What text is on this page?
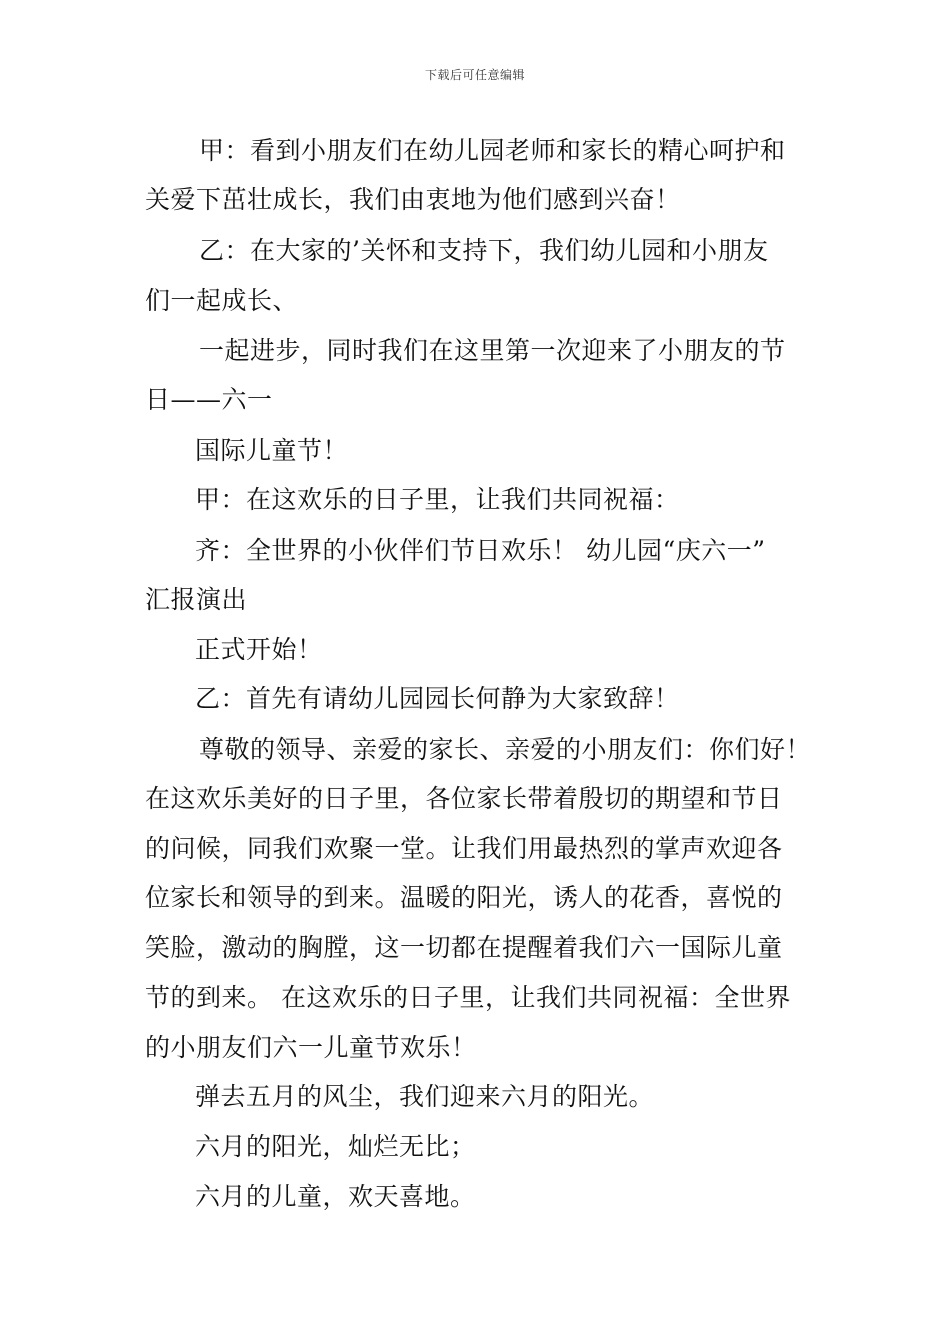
下载后可任意编辑
甲：看到小朋友们在幼儿园老师和家长的精心呵护和
关爱下茁壮成长，我们由衷地为他们感到兴奋！
乙：在大家的’关怀和支持下，我们幼儿园和小朋友
们一起成长、
一起进步，同时我们在这里第一次迎来了小朋友的节
日——六一
国际儿童节！
甲：在这欢乐的日子里，让我们共同祝福：
齐：全世界的小伙伴们节日欢乐！ 幼儿园“庆六一”
汇报演出
正式开始！
乙：首先有请幼儿园园长何静为大家致辞！
尊敬的领导、亲爱的家长、亲爱的小朋友们：你们好！
在这欢乐美好的日子里，各位家长带着殷切的期望和节日
的问候，同我们欢聚一堂。让我们用最热烈的掌声欢迎各
位家长和领导的到来。温暖的阳光，诱人的花香，喜悦的
笑脸，激动的胸膛，这一切都在提醒着我们六一国际儿童
节的到来。 在这欢乐的日子里，让我们共同祝福：全世界
的小朋友们六一儿童节欢乐！
弹去五月的风尘，我们迎来六月的阳光。
六月的阳光，灿烂无比；
六月的儿童，欢天喜地。
